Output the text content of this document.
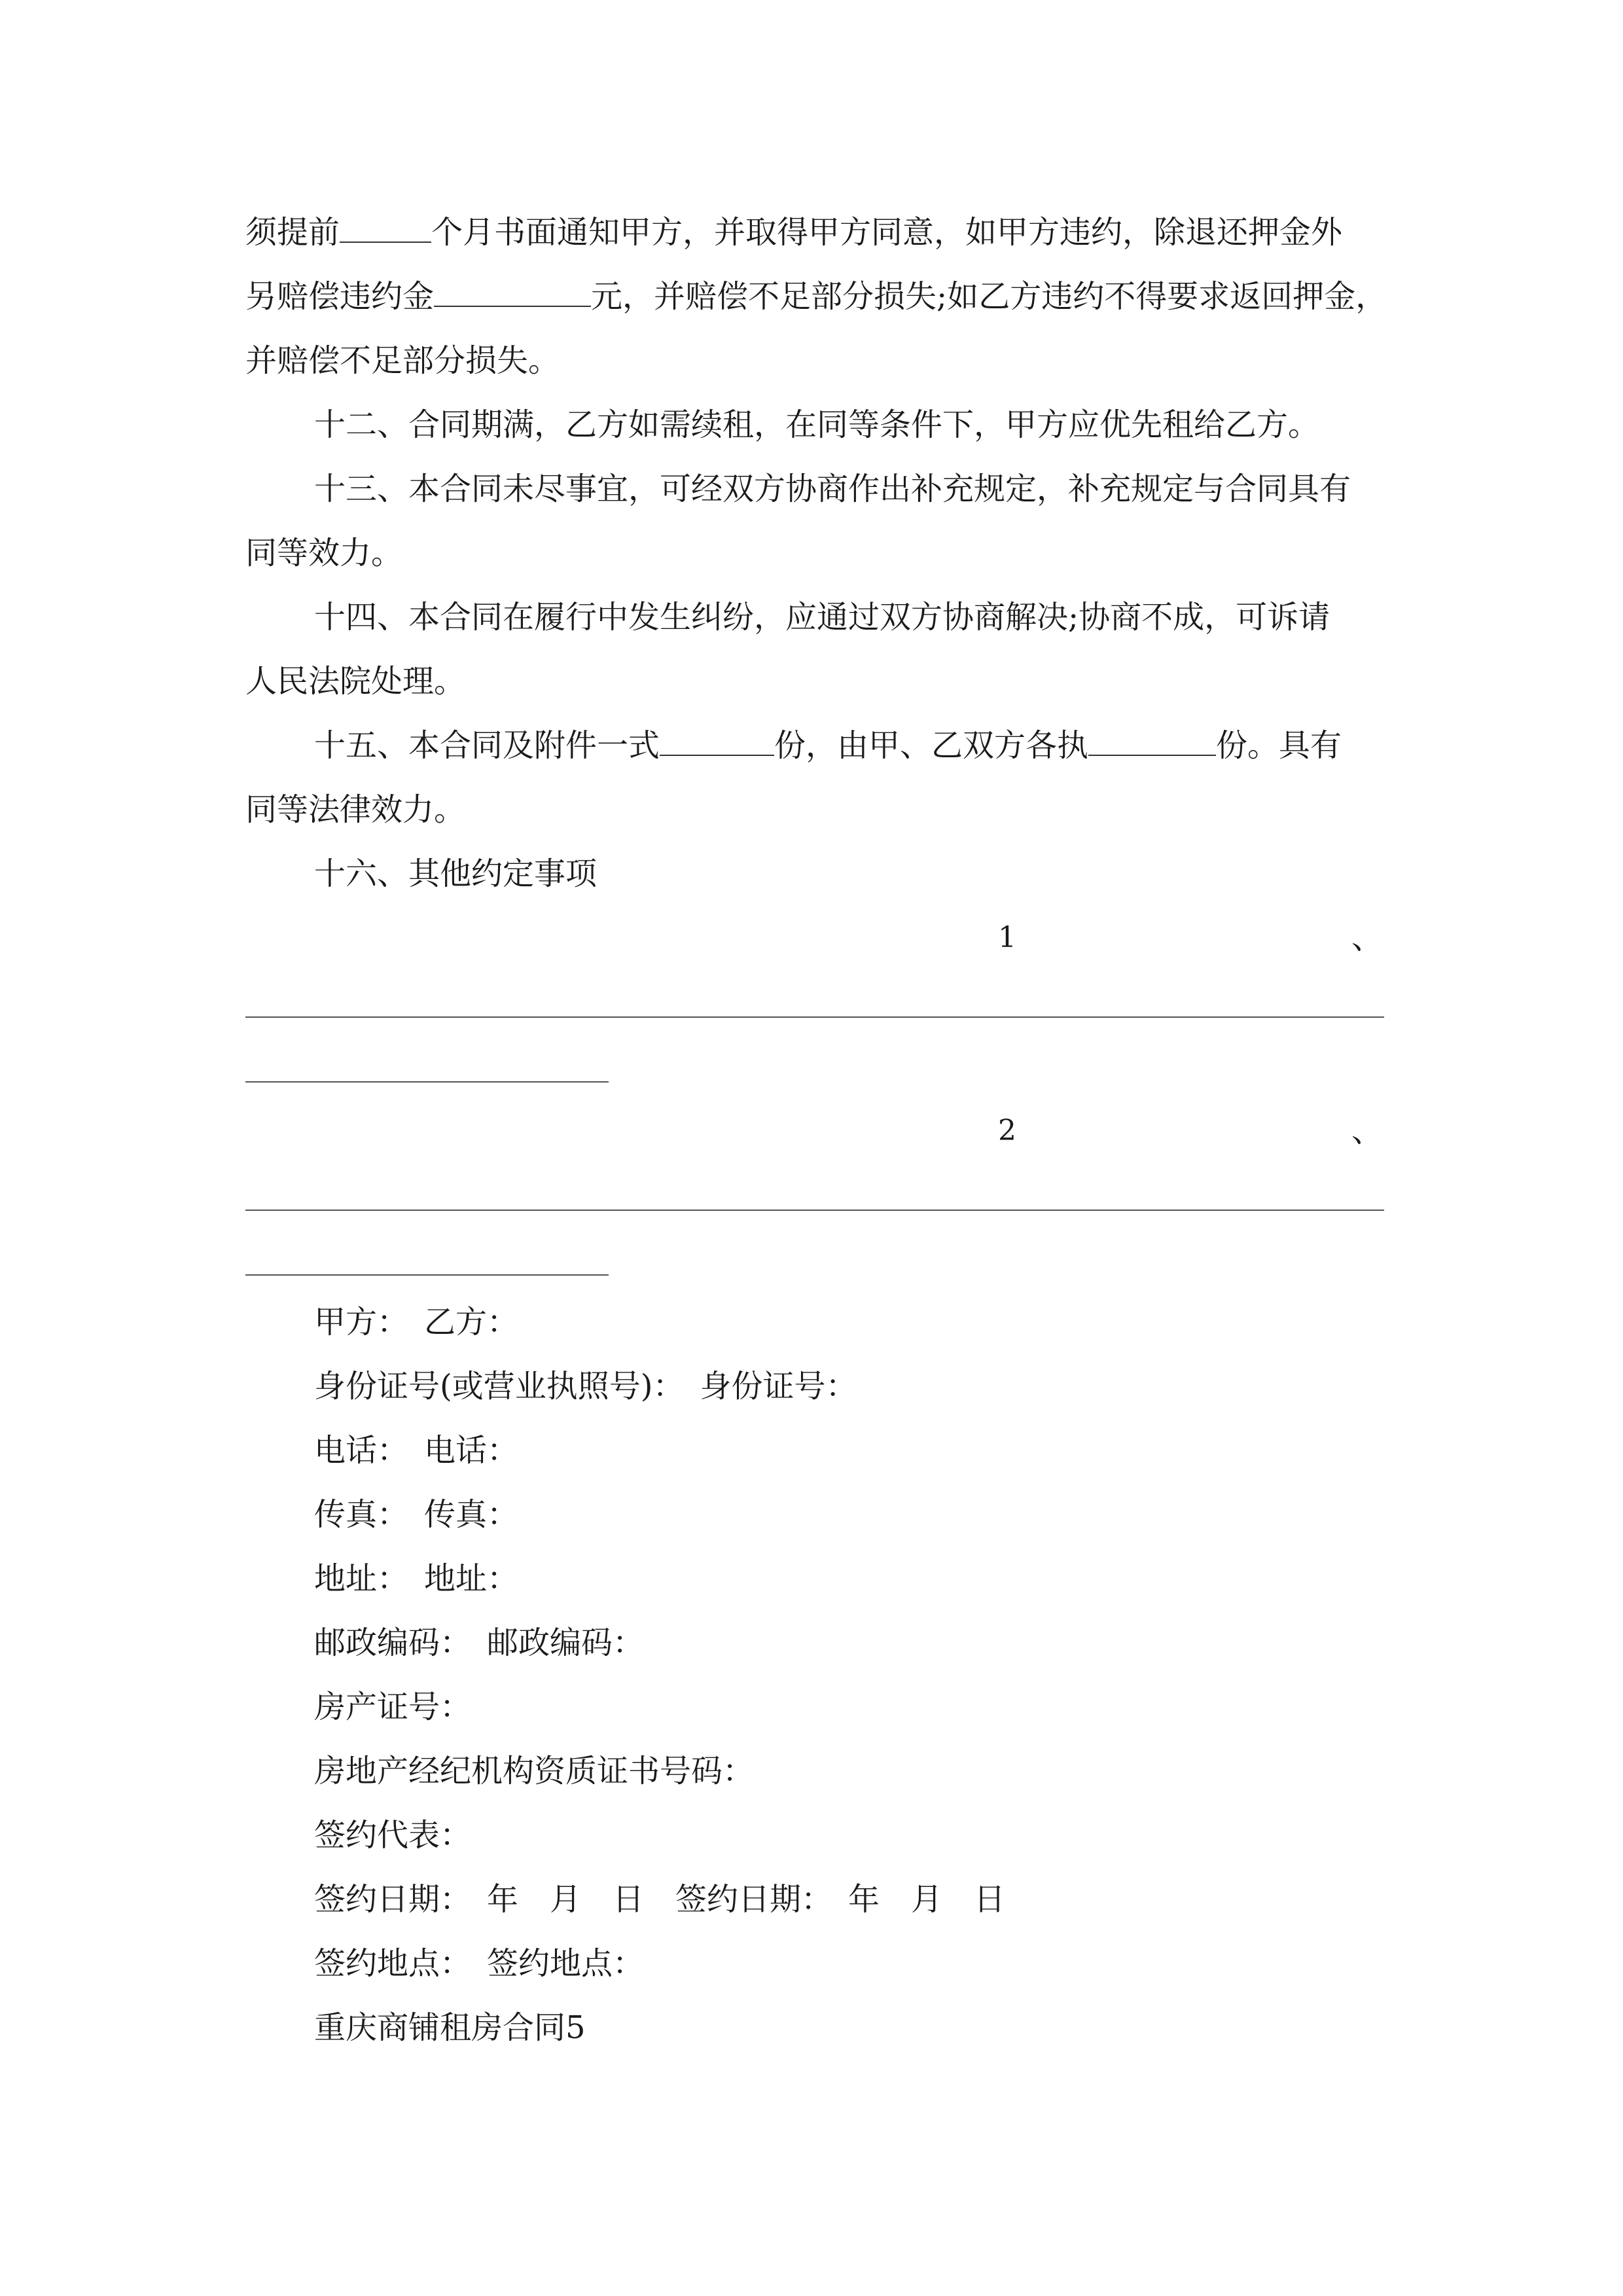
须提前	个月书面通知甲方，并取得甲方同意，如甲方违约，除退还押金外
另赔偿违约金	元，并赔偿不足部分损失;如乙方违约不得要求返回押金，
并赔偿不足部分损失。
十二、合同期满，乙方如需续租，在同等条件下，甲方应优先租给乙方。
十三、本合同未尽事宜，可经双方协商作出补充规定，补充规定与合同具有
同等效力。
十四、本合同在履行中发生纠纷，应通过双方协商解决;协商不成，可诉请
人民法院处理。
十五、本合同及附件一式	份，由甲、乙双方各执	份。具有
同等法律效力。
十六、其他约定事项
1	、
2	、
甲方：　乙方：
身份证号(或营业执照号)：　身份证号：
电话：　电话：
传真：　传真：
地址：　地址：
邮政编码：　邮政编码：
房产证号：
房地产经纪机构资质证书号码：
签约代表：
签约日期：　年　月　日　签约日期：　年　月　日
签约地点：　签约地点：
重庆商铺租房合同5
